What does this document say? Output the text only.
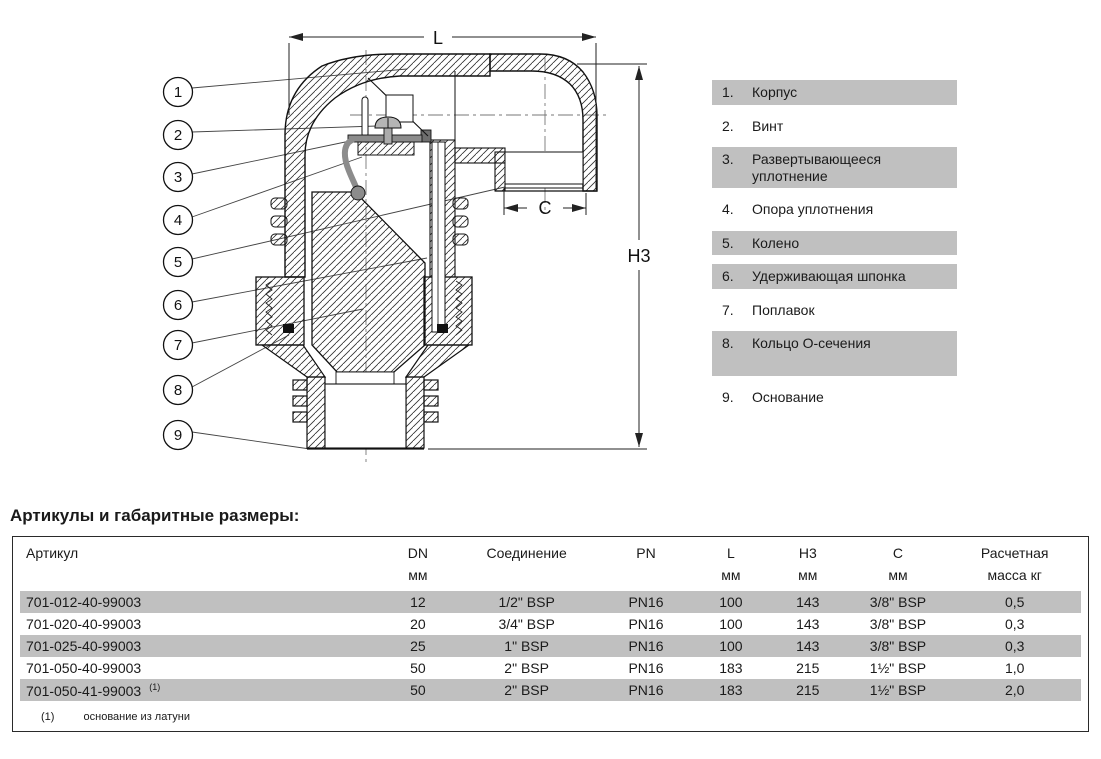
L
H3
C
1
2
3
4
5
6
7
8
9
1.	Корпус
2.	Винт
3.	Развертывающееся уплотнение
4.	Опора уплотнения
5.	Колено
6.	Удерживающая шпонка
7.	Поплавок
8.	Кольцо О-сечения
9.	Основание
Артикулы и габаритные размеры:
Артикул	DN	Соединение	PN	L	H3	C	Расчетная
	мм			мм	мм	мм	масса кг
701-012-40-99003	12	1/2" BSP	PN16	100	143	3/8" BSP	0,5
701-020-40-99003	20	3/4" BSP	PN16	100	143	3/8" BSP	0,3
701-025-40-99003	25	1" BSP	PN16	100	143	3/8" BSP	0,3
701-050-40-99003	50	2" BSP	PN16	183	215	1½" BSP	1,0
701-050-41-99003 $^{(1)}$	50	2" BSP	PN16	183	215	1½" BSP	2,0
(1)	основание из латуни
